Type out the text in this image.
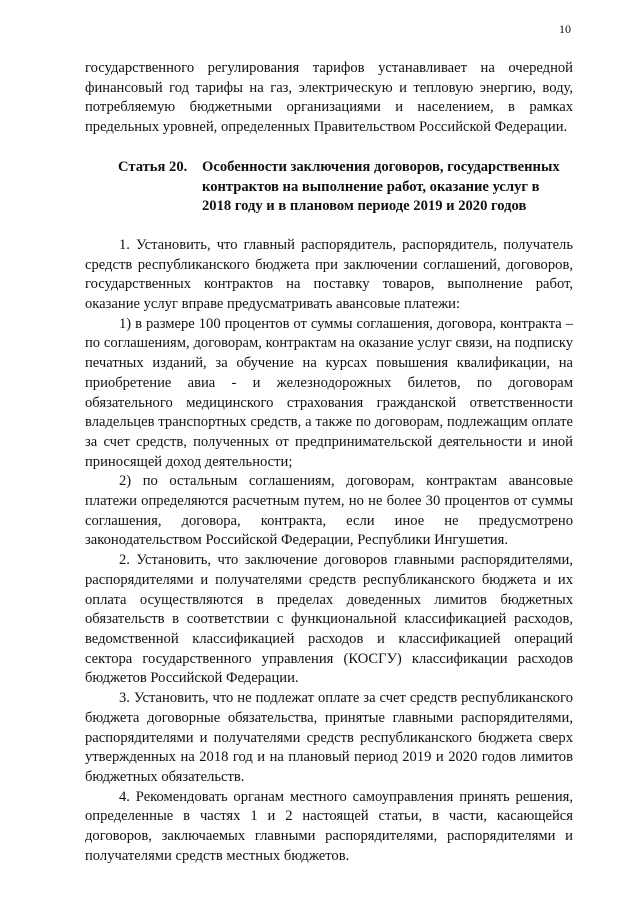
10

государственного регулирования тарифов устанавливает на очередной финансовый год тарифы на газ, электрическую и тепловую энергию, воду, потребляемую бюджетными организациями и населением, в рамках предельных уровней, определенных Правительством Российской Федерации.

Статья 20. Особенности заключения договоров, государственных
контрактов на выполнение работ, оказание услуг в
2018 году и в плановом периоде 2019 и 2020 годов

1. Установить, что главный распорядитель, распорядитель, получатель средств республиканского бюджета при заключении соглашений, договоров, государственных контрактов на поставку товаров, выполнение работ, оказание услуг вправе предусматривать авансовые платежи:

1) в размере 100 процентов от суммы соглашения, договора, контракта – по соглашениям, договорам, контрактам на оказание услуг связи, на подписку печатных изданий, за обучение на курсах повышения квалификации, на приобретение авиа - и железнодорожных билетов, по договорам обязательного медицинского страхования гражданской ответственности владельцев транспортных средств, а также по договорам, подлежащим оплате за счет средств, полученных от предпринимательской деятельности и иной приносящей доход деятельности;

2) по остальным соглашениям, договорам, контрактам авансовые платежи определяются расчетным путем, но не более 30 процентов от суммы соглашения, договора, контракта, если иное не предусмотрено законодательством Российской Федерации, Республики Ингушетия.

2. Установить, что заключение договоров главными распорядителями, распорядителями и получателями средств республиканского бюджета и их оплата осуществляются в пределах доведенных лимитов бюджетных обязательств в соответствии с функциональной классификацией расходов, ведомственной классификацией расходов и классификацией операций сектора государственного управления (КОСГУ) классификации расходов бюджетов Российской Федерации.

3. Установить, что не подлежат оплате за счет средств республиканского бюджета договорные обязательства, принятые главными распорядителями, распорядителями и получателями средств республиканского бюджета сверх утвержденных на 2018 год и на плановый период 2019 и 2020 годов лимитов бюджетных обязательств.

4. Рекомендовать органам местного самоуправления принять решения, определенные в частях 1 и 2 настоящей статьи, в части, касающейся договоров, заключаемых главными распорядителями, распорядителями и получателями средств местных бюджетов.
